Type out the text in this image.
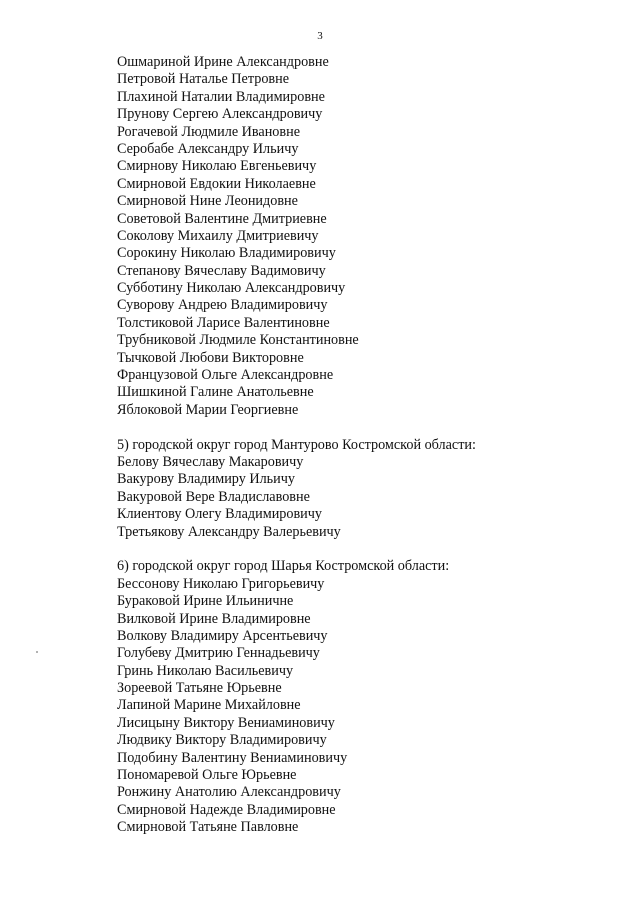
3
Ошмариной Ирине Александровне
Петровой Наталье Петровне
Плахиной Наталии Владимировне
Прунову Сергею Александровичу
Рогачевой Людмиле Ивановне
Серобабе Александру Ильичу
Смирнову Николаю Евгеньевичу
Смирновой Евдокии Николаевне
Смирновой Нине Леонидовне
Советовой Валентине Дмитриевне
Соколову Михаилу Дмитриевичу
Сорокину Николаю Владимировичу
Степанову Вячеславу Вадимовичу
Субботину Николаю Александровичу
Суворову Андрею Владимировичу
Толстиковой Ларисе Валентиновне
Трубниковой Людмиле Константиновне
Тычковой Любови Викторовне
Французовой Ольге Александровне
Шишкиной Галине Анатольевне
Яблоковой Марии Георгиевне
5) городской округ город Мантурово Костромской области:
Белову Вячеславу Макаровичу
Вакурову Владимиру Ильичу
Вакуровой Вере Владиславовне
Клиентову Олегу Владимировичу
Третьякову Александру Валерьевичу
6) городской округ город Шарья Костромской области:
Бессонову Николаю Григорьевичу
Бураковой Ирине Ильиничне
Вилковой Ирине Владимировне
Волкову Владимиру Арсентьевичу
Голубеву Дмитрию Геннадьевичу
Гринь Николаю Васильевичу
Зореевой Татьяне Юрьевне
Лапиной Марине Михайловне
Лисицыну Виктору Вениаминовичу
Людвику Виктору Владимировичу
Подобину Валентину Вениаминовичу
Пономаревой Ольге Юрьевне
Ронжину Анатолию Александровичу
Смирновой Надежде Владимировне
Смирновой Татьяне Павловне
